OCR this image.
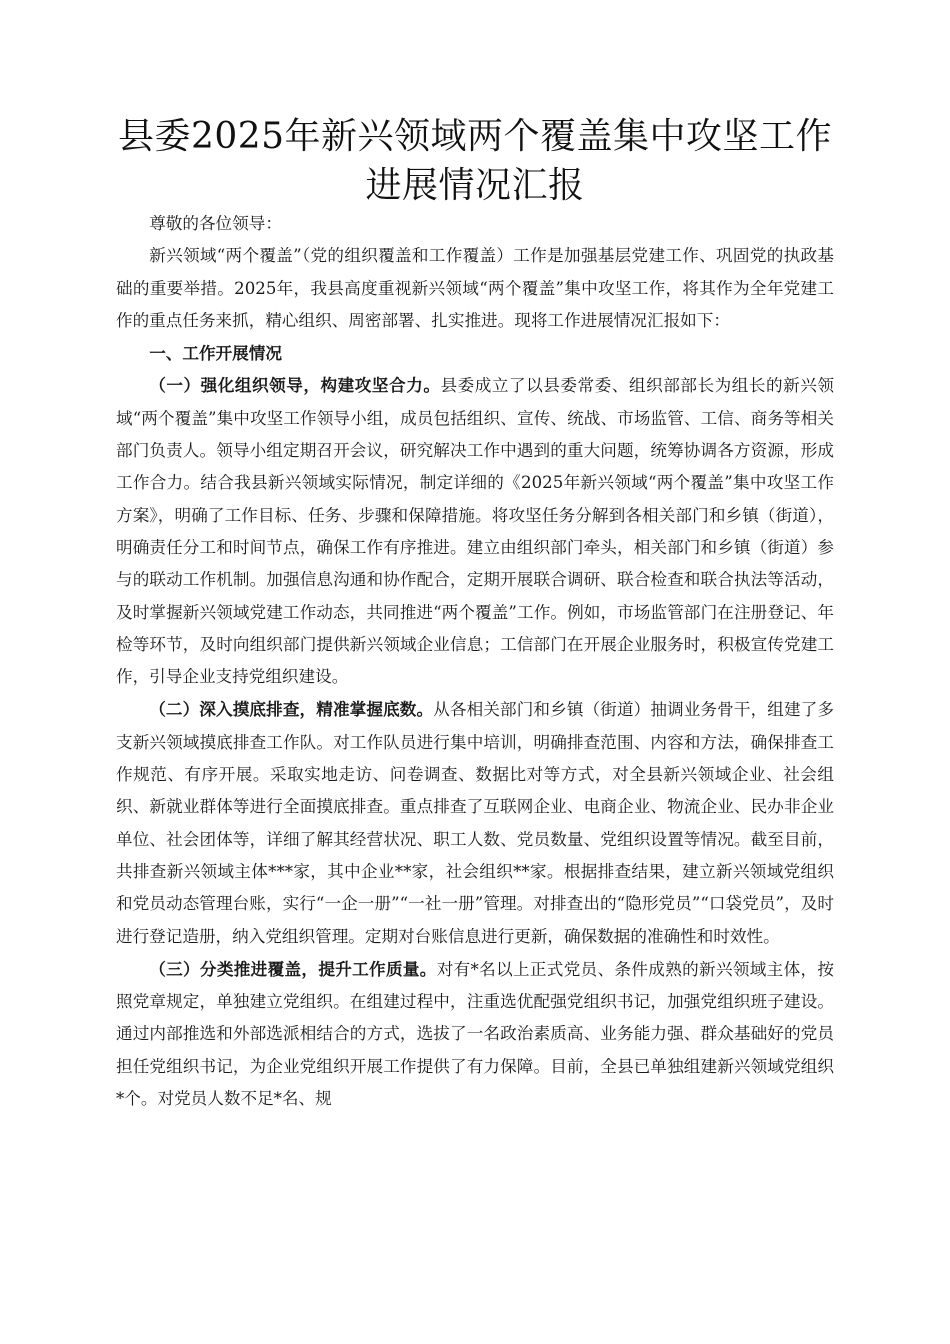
县委2025年新兴领域两个覆盖集中攻坚工作进展情况汇报

尊敬的各位领导：

新兴领域“两个覆盖”（党的组织覆盖和工作覆盖）工作是加强基层党建工作、巩固党的执政基础的重要举措。2025年，我县高度重视新兴领域“两个覆盖”集中攻坚工作，将其作为全年党建工作的重点任务来抓，精心组织、周密部署、扎实推进。现将工作进展情况汇报如下：

一、工作开展情况

（一）强化组织领导，构建攻坚合力。县委成立了以县委常委、组织部部长为组长的新兴领域“两个覆盖”集中攻坚工作领导小组，成员包括组织、宣传、统战、市场监管、工信、商务等相关部门负责人。领导小组定期召开会议，研究解决工作中遇到的重大问题，统筹协调各方资源，形成工作合力。结合我县新兴领域实际情况，制定详细的《2025年新兴领域“两个覆盖”集中攻坚工作方案》，明确了工作目标、任务、步骤和保障措施。将攻坚任务分解到各相关部门和乡镇（街道），明确责任分工和时间节点，确保工作有序推进。建立由组织部门牵头，相关部门和乡镇（街道）参与的联动工作机制。加强信息沟通和协作配合，定期开展联合调研、联合检查和联合执法等活动，及时掌握新兴领域党建工作动态，共同推进“两个覆盖”工作。例如，市场监管部门在注册登记、年检等环节，及时向组织部门提供新兴领域企业信息；工信部门在开展企业服务时，积极宣传党建工作，引导企业支持党组织建设。

（二）深入摸底排查，精准掌握底数。从各相关部门和乡镇（街道）抽调业务骨干，组建了多支新兴领域摸底排查工作队。对工作队员进行集中培训，明确排查范围、内容和方法，确保排查工作规范、有序开展。采取实地走访、问卷调查、数据比对等方式，对全县新兴领域企业、社会组织、新就业群体等进行全面摸底排查。重点排查了互联网企业、电商企业、物流企业、民办非企业单位、社会团体等，详细了解其经营状况、职工人数、党员数量、党组织设置等情况。截至目前，共排查新兴领域主体***家，其中企业**家，社会组织**家。根据排查结果，建立新兴领域党组织和党员动态管理台账，实行“一企一册”“一社一册”管理。对排查出的“隐形党员”“口袋党员”，及时进行登记造册，纳入党组织管理。定期对台账信息进行更新，确保数据的准确性和时效性。

（三）分类推进覆盖，提升工作质量。对有*名以上正式党员、条件成熟的新兴领域主体，按照党章规定，单独建立党组织。在组建过程中，注重选优配强党组织书记，加强党组织班子建设。通过内部推选和外部选派相结合的方式，选拔了一名政治素质高、业务能力强、群众基础好的党员担任党组织书记，为企业党组织开展工作提供了有力保障。目前，全县已单独组建新兴领域党组织*个。对党员人数不足*名、规
